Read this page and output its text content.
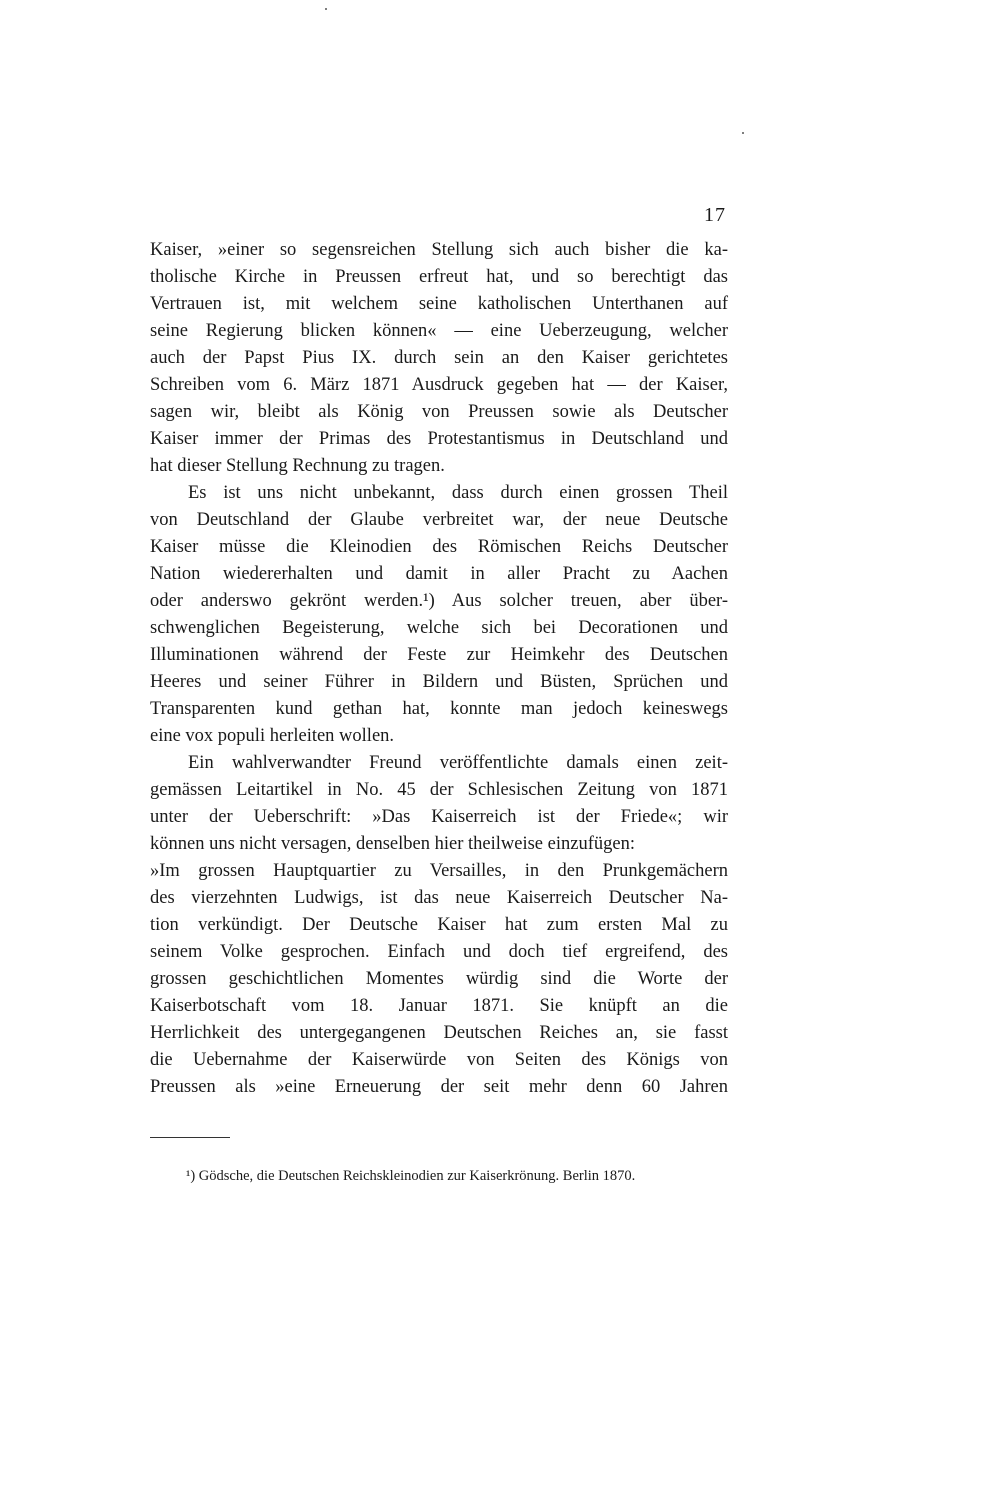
17
Kaiser, »einer so segensreichen Stellung sich auch bisher die ka-
tholische Kirche in Preussen erfreut hat, und so berechtigt das
Vertrauen ist, mit welchem seine katholischen Unterthanen auf
seine Regierung blicken können« — eine Ueberzeugung, welcher
auch der Papst Pius IX. durch sein an den Kaiser gerichtetes
Schreiben vom 6. März 1871 Ausdruck gegeben hat — der Kaiser,
sagen wir, bleibt als König von Preussen sowie als Deutscher
Kaiser immer der Primas des Protestantismus in Deutschland und
hat dieser Stellung Rechnung zu tragen.
Es ist uns nicht unbekannt, dass durch einen grossen Theil
von Deutschland der Glaube verbreitet war, der neue Deutsche
Kaiser müsse die Kleinodien des Römischen Reichs Deutscher
Nation wiedererhalten und damit in aller Pracht zu Aachen
oder anderswo gekrönt werden.¹) Aus solcher treuen, aber über-
schwenglichen Begeisterung, welche sich bei Decorationen und
Illuminationen während der Feste zur Heimkehr des Deutschen
Heeres und seiner Führer in Bildern und Büsten, Sprüchen und
Transparenten kund gethan hat, konnte man jedoch keineswegs
eine vox populi herleiten wollen.
Ein wahlverwandter Freund veröffentlichte damals einen zeit-
gemässen Leitartikel in No. 45 der Schlesischen Zeitung von 1871
unter der Ueberschrift: »Das Kaiserreich ist der Friede«; wir
können uns nicht versagen, denselben hier theilweise einzufügen:
»Im grossen Hauptquartier zu Versailles, in den Prunkgemächern
des vierzehnten Ludwigs, ist das neue Kaiserreich Deutscher Na-
tion verkündigt. Der Deutsche Kaiser hat zum ersten Mal zu
seinem Volke gesprochen. Einfach und doch tief ergreifend, des
grossen geschichtlichen Momentes würdig sind die Worte der
Kaiserbotschaft vom 18. Januar 1871. Sie knüpft an die
Herrlichkeit des untergegangenen Deutschen Reiches an, sie fasst
die Uebernahme der Kaiserwürde von Seiten des Königs von
Preussen als »eine Erneuerung der seit mehr denn 60 Jahren
¹) Gödsche, die Deutschen Reichskleinodien zur Kaiserkrönung. Berlin 1870.
